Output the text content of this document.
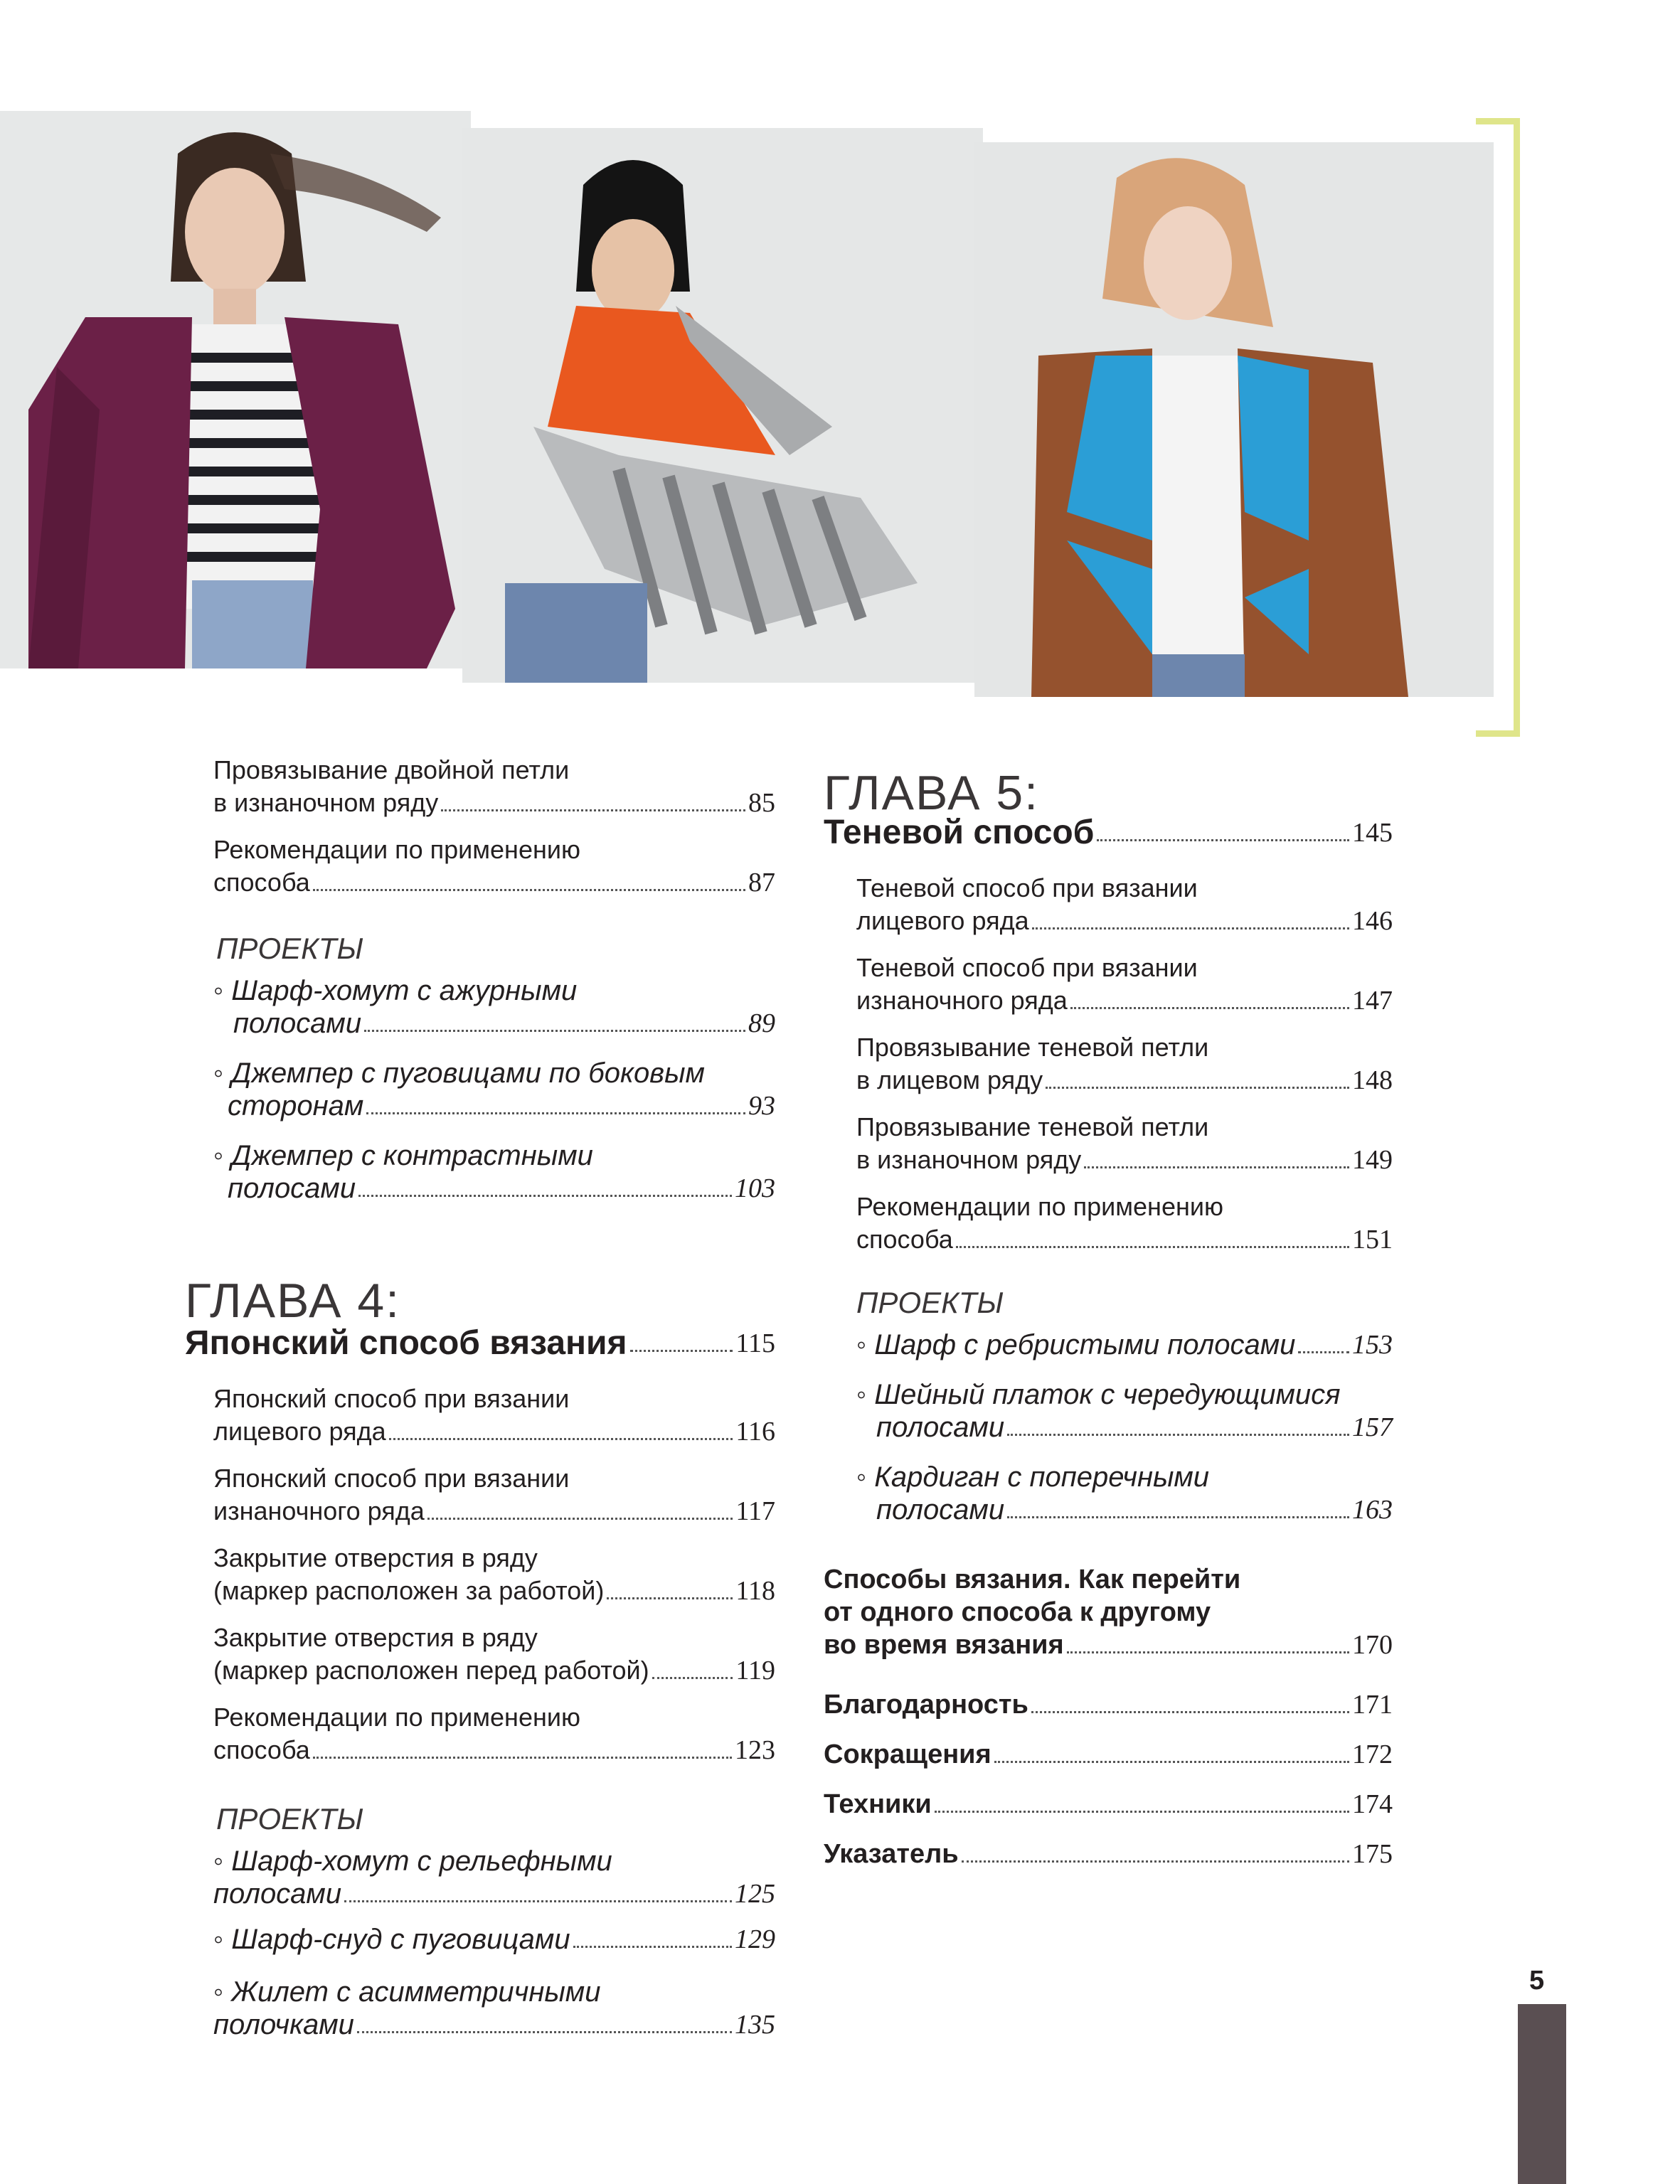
ГЛАВА 4:
ПРОЕКТЫ
ПРОЕКТЫ
Провязывание двойной петли
в изнаночном ряду	85
Рекомендации по применению
способа	87
◦ Шарф-хомут с ажурными
полосами	89
◦ Джемпер с пуговицами по боковым
сторонам	93
◦ Джемпер с контрастными
полосами	103
Японский способ вязания	115
Японский способ при вязании
лицевого ряда	116
Японский способ при вязании
изнаночного ряда	117
Закрытие отверстия в ряду
(маркер расположен за работой)	118
Закрытие отверстия в ряду
(маркер расположен перед работой)	119
Рекомендации по применению
способа	123
◦ Шарф-хомут с рельефными
полосами	125
◦ Шарф-снуд с пуговицами	129
◦ Жилет с асимметричными
полочками	135
ГЛАВА 5:
ПРОЕКТЫ
Теневой способ	145
Теневой способ при вязании
лицевого ряда	146
Теневой способ при вязании
изнаночного ряда	147
Провязывание теневой петли
в лицевом ряду	148
Провязывание теневой петли
в изнаночном ряду	149
Рекомендации по применению
способа	151
◦ Шарф с ребристыми полосами 153
◦ Шейный платок с чередующимися
полосами	157
◦ Кардиган с поперечными
полосами	163
Способы вязания. Как перейти
от одного способа к другому
во время вязания	170
Благодарность	171
Сокращения	172
Техники	174
Указатель	175
5
